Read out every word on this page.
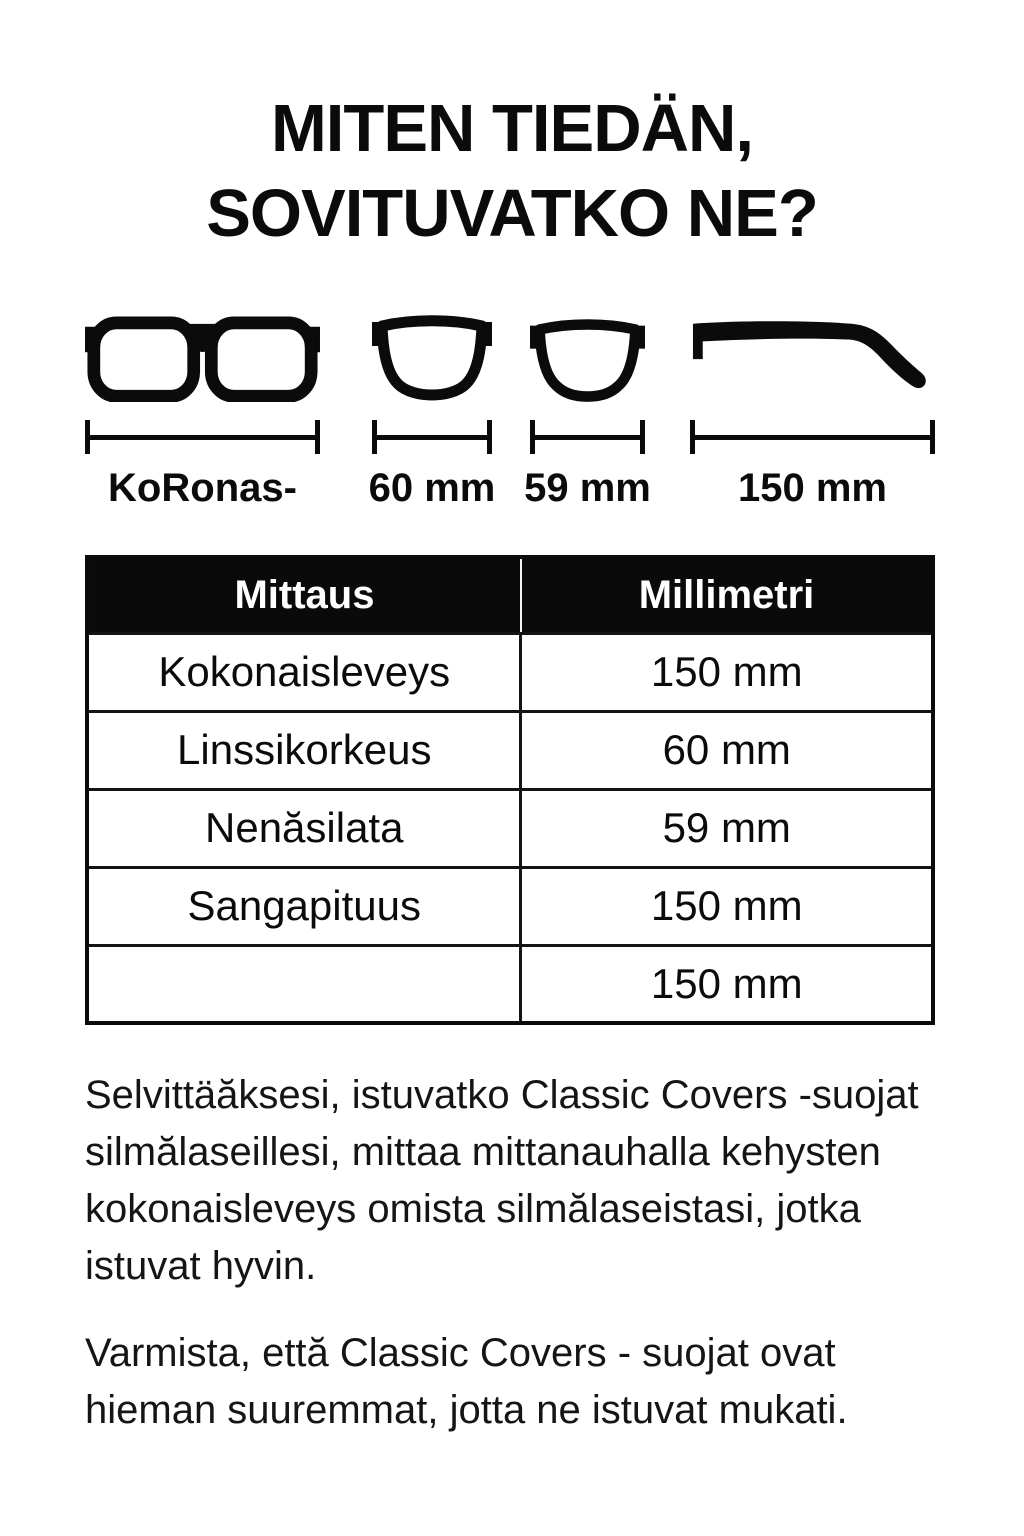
MITEN TIEDÄN,
SOVITUVATKO NE?
KoRonas- 60 mm 59 mm 150 mm
Mittaus	Millimetri
Kokonaisleveys	150 mm
Linssikorkeus	60 mm
Nenăsilata	59 mm
Sangapituus	150 mm
	150 mm
Selvittäăksesi, istuvatko Classic Covers -suojat
silmălaseillesi, mittaa mittanauhalla kehysten
kokonaisleveys omista silmălaseistasi, jotka
istuvat hyvin.
Varmista, ettă Classic Covers - suojat ovat
hieman suuremmat, jotta ne istuvat mukati.
